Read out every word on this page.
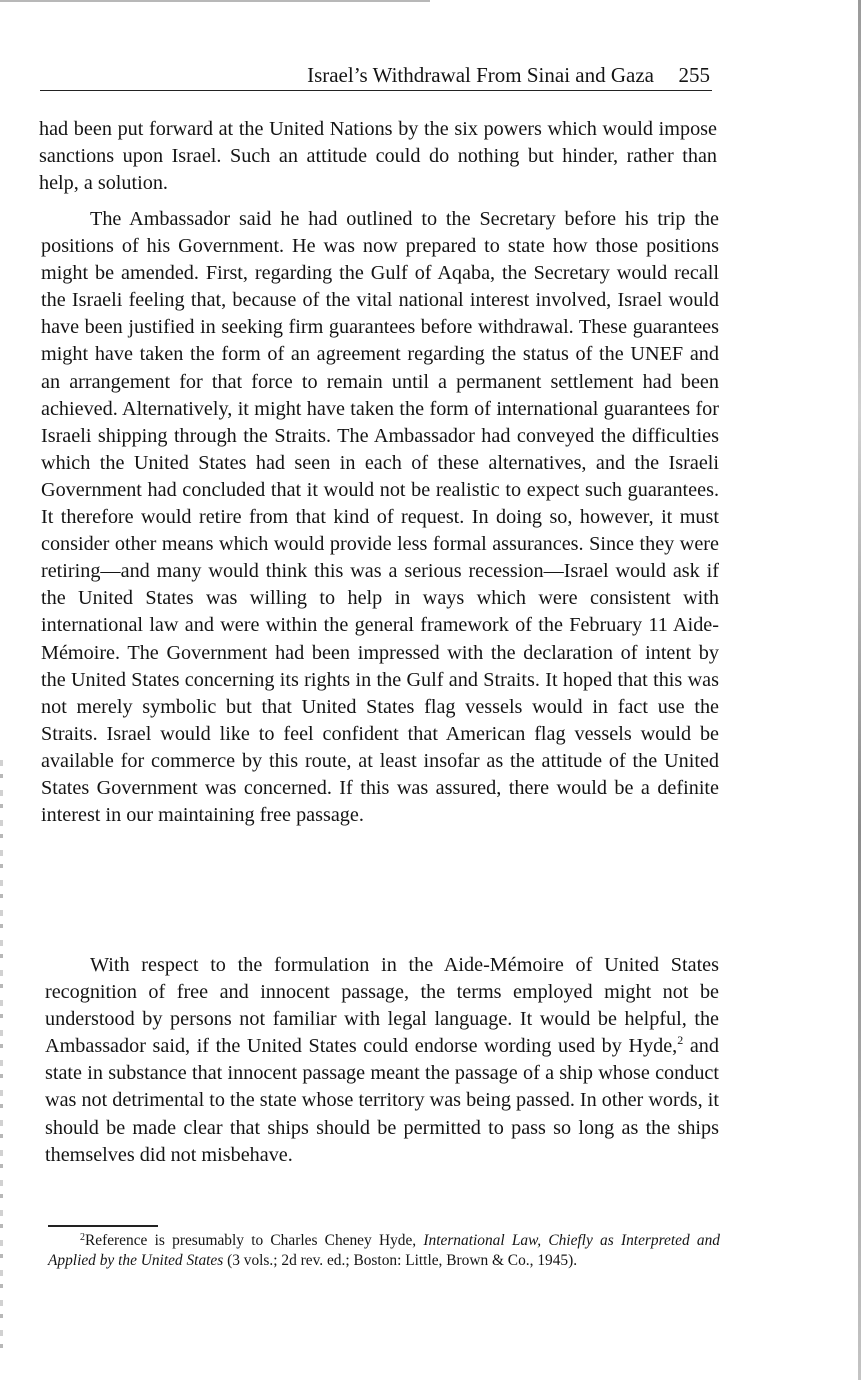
Israel’s Withdrawal From Sinai and Gaza 255

had been put forward at the United Nations by the six powers which would impose sanctions upon Israel. Such an attitude could do nothing but hinder, rather than help, a solution.

The Ambassador said he had outlined to the Secretary before his trip the positions of his Government. He was now prepared to state how those positions might be amended. First, regarding the Gulf of Aqaba, the Secretary would recall the Israeli feeling that, because of the vital national interest involved, Israel would have been justified in seeking firm guarantees before withdrawal. These guarantees might have taken the form of an agreement regarding the status of the UNEF and an arrangement for that force to remain until a permanent settlement had been achieved. Alternatively, it might have taken the form of international guarantees for Israeli shipping through the Straits. The Ambassador had conveyed the difficulties which the United States had seen in each of these alternatives, and the Israeli Government had concluded that it would not be realistic to expect such guarantees. It therefore would retire from that kind of request. In doing so, however, it must consider other means which would provide less formal assurances. Since they were retiring—and many would think this was a serious recession—Israel would ask if the United States was willing to help in ways which were consistent with international law and were within the general framework of the February 11 Aide-Mémoire. The Government had been impressed with the declaration of intent by the United States concerning its rights in the Gulf and Straits. It hoped that this was not merely symbolic but that United States flag vessels would in fact use the Straits. Israel would like to feel confident that American flag vessels would be available for commerce by this route, at least insofar as the attitude of the United States Government was concerned. If this was assured, there would be a definite interest in our maintaining free passage.

With respect to the formulation in the Aide-Mémoire of United States recognition of free and innocent passage, the terms employed might not be understood by persons not familiar with legal language. It would be helpful, the Ambassador said, if the United States could endorse wording used by Hyde,$^2$ and state in substance that innocent passage meant the passage of a ship whose conduct was not detrimental to the state whose territory was being passed. In other words, it should be made clear that ships should be permitted to pass so long as the ships themselves did not misbehave.

$^2$Reference is presumably to Charles Cheney Hyde, International Law, Chiefly as Interpreted and Applied by the United States (3 vols.; 2d rev. ed.; Boston: Little, Brown & Co., 1945).
